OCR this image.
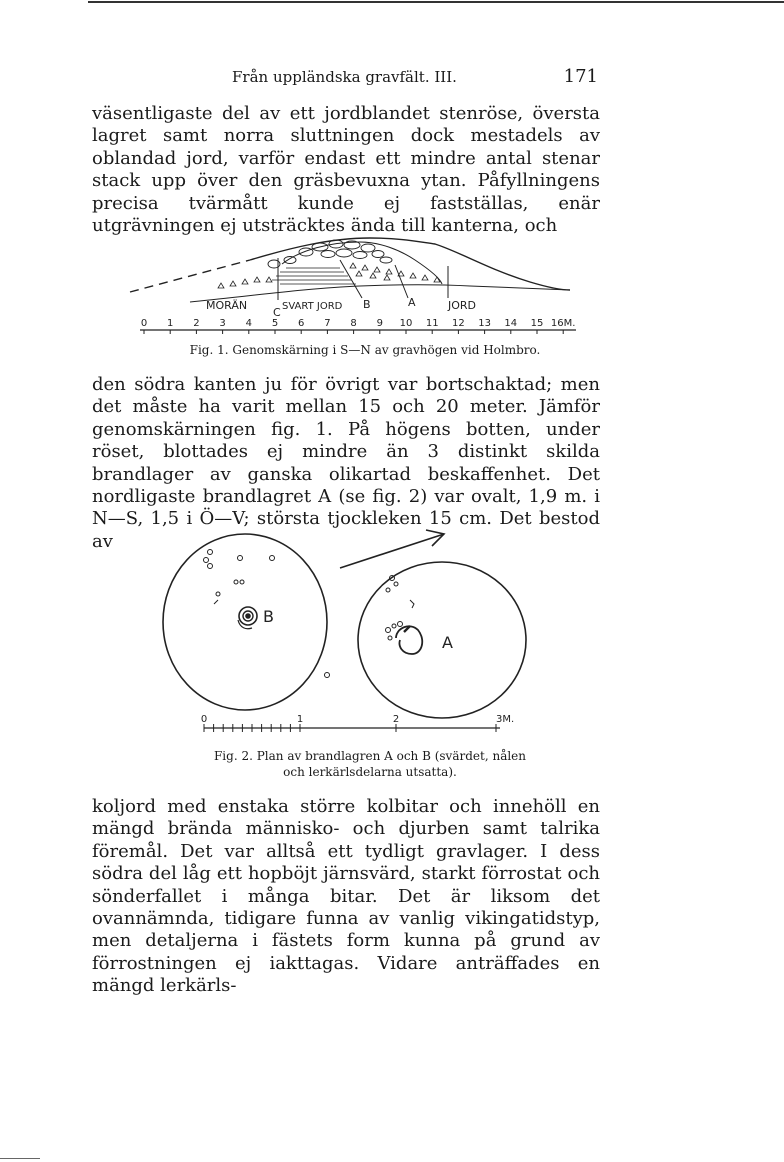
Från uppländska gravfält. III.	171

väsentligaste del av ett jordblandet stenröse, översta lagret samt norra sluttningen dock mestadels av oblandad jord, varför endast ett mindre antal stenar stack upp över den gräsbevuxna ytan. Påfyllningens precisa tvärmått kunde ej fastställas, enär utgrävningen ej utsträcktes ända till kanterna, och

MORÄN
C SVART JORD B	A	JORD
0 1 2 3 4 5 6 7 8 9 10 11 12 13 14 15 16M.
Fig. 1. Genomskärning i S—N av gravhögen vid Holmbro.

den södra kanten ju för övrigt var bortschaktad; men det måste ha varit mellan 15 och 20 meter. Jämför genomskärningen fig. 1. På högens botten, under röset, blottades ej mindre än 3 distinkt skilda brandlager av ganska olikartad beskaffenhet. Det nordligaste brandlagret A (se fig. 2) var ovalt, 1,9 m. i N—S, 1,5 i Ö—V; största tjockleken 15 cm. Det bestod av

B
A
0	1	2	3M.
Fig. 2. Plan av brandlagren A och B (svärdet, nålen
och lerkärlsdelarna utsatta).

koljord med enstaka större kolbitar och innehöll en mängd brända människo- och djurben samt talrika föremål. Det var alltså ett tydligt gravlager. I dess södra del låg ett hopböjt järnsvärd, starkt förrostat och sönderfallet i många bitar. Det är liksom det ovannämnda, tidigare funna av vanlig vikingatidstyp, men detaljerna i fästets form kunna på grund av förrostningen ej iakttagas. Vidare anträffades en mängd lerkärls-
